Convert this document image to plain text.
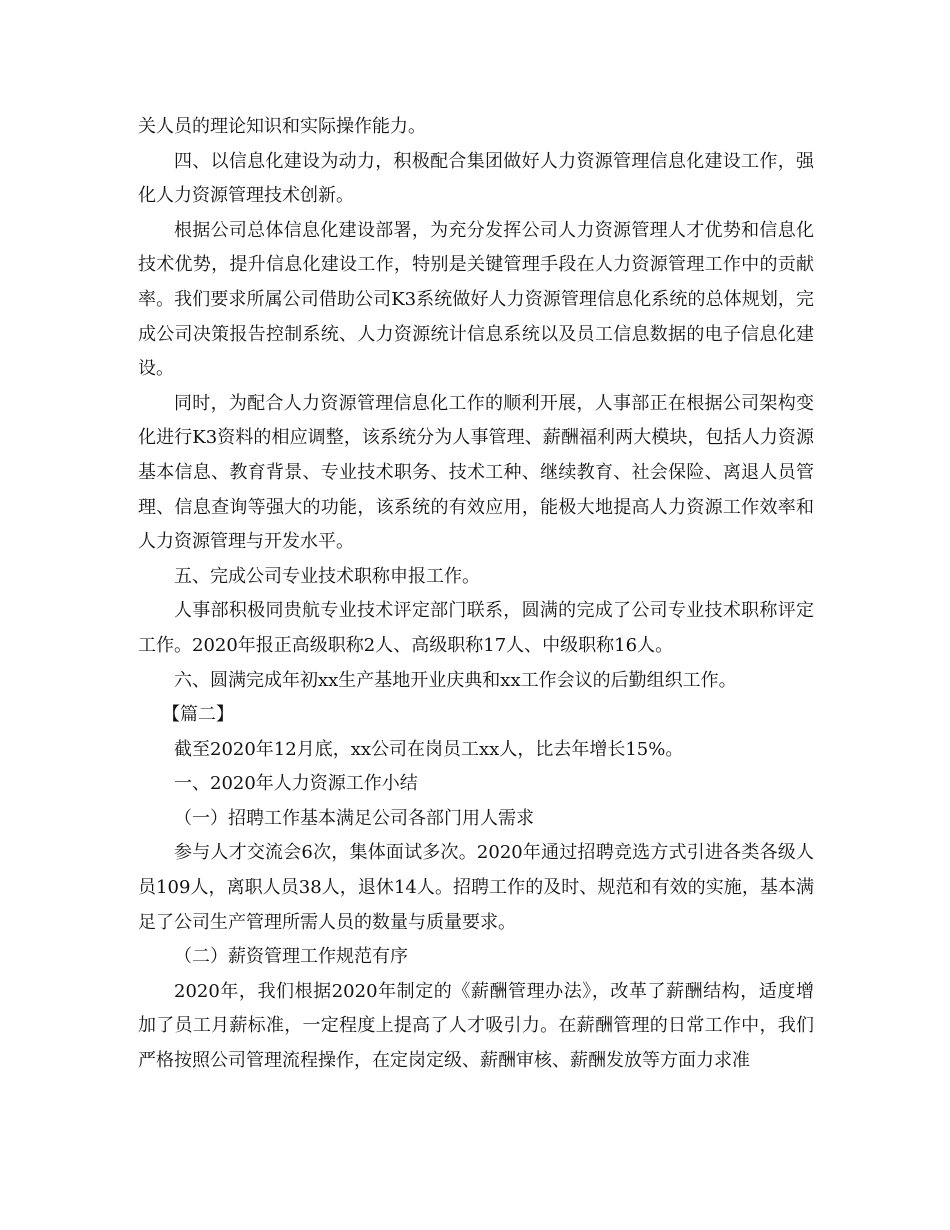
关人员的理论知识和实际操作能力。

四、以信息化建设为动力，积极配合集团做好人力资源管理信息化建设工作，强化人力资源管理技术创新。

根据公司总体信息化建设部署，为充分发挥公司人力资源管理人才优势和信息化技术优势，提升信息化建设工作，特别是关键管理手段在人力资源管理工作中的贡献率。我们要求所属公司借助公司K3系统做好人力资源管理信息化系统的总体规划，完成公司决策报告控制系统、人力资源统计信息系统以及员工信息数据的电子信息化建设。

同时，为配合人力资源管理信息化工作的顺利开展，人事部正在根据公司架构变化进行K3资料的相应调整，该系统分为人事管理、薪酬福利两大模块，包括人力资源基本信息、教育背景、专业技术职务、技术工种、继续教育、社会保险、离退人员管理、信息查询等强大的功能，该系统的有效应用，能极大地提高人力资源工作效率和人力资源管理与开发水平。

五、完成公司专业技术职称申报工作。

人事部积极同贵航专业技术评定部门联系，圆满的完成了公司专业技术职称评定工作。2020年报正高级职称2人、高级职称17人、中级职称16人。

六、圆满完成年初xx生产基地开业庆典和xx工作会议的后勤组织工作。

【篇二】

截至2020年12月底，xx公司在岗员工xx人，比去年增长15%。

一、2020年人力资源工作小结

（一）招聘工作基本满足公司各部门用人需求

参与人才交流会6次，集体面试多次。2020年通过招聘竞选方式引进各类各级人员109人，离职人员38人，退休14人。招聘工作的及时、规范和有效的实施，基本满足了公司生产管理所需人员的数量与质量要求。

（二）薪资管理工作规范有序

2020年，我们根据2020年制定的《薪酬管理办法》，改革了薪酬结构，适度增加了员工月薪标准，一定程度上提高了人才吸引力。在薪酬管理的日常工作中，我们严格按照公司管理流程操作，在定岗定级、薪酬审核、薪酬发放等方面力求准
